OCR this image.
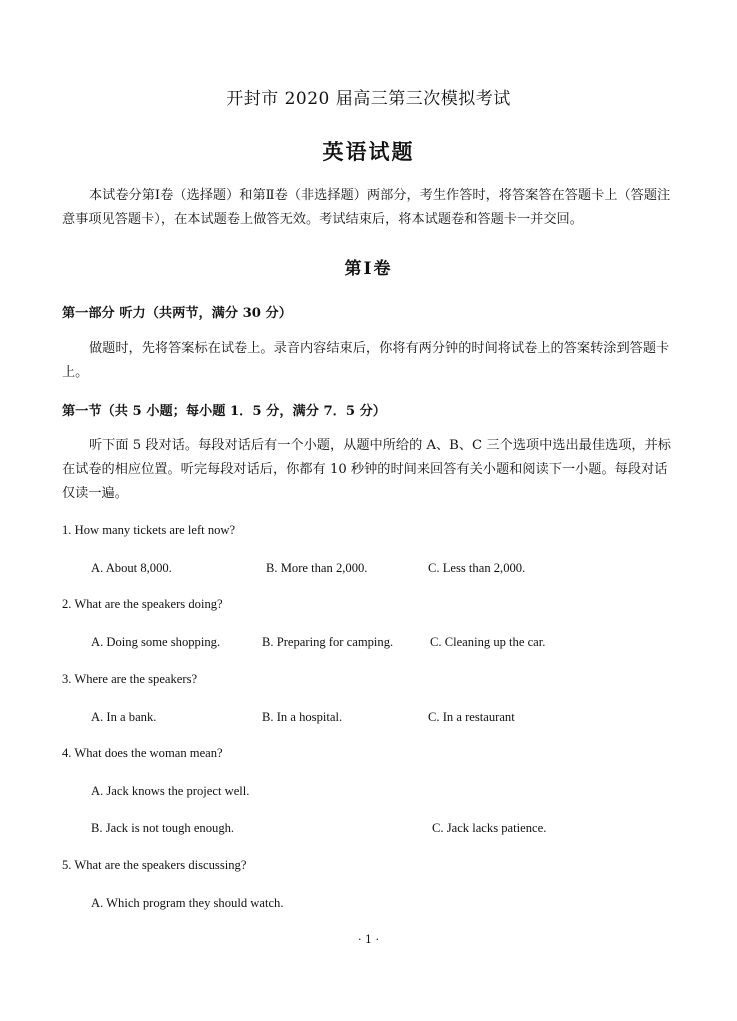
开封市 2020 届高三第三次模拟考试
英语试题
本试卷分第Ⅰ卷（选择题）和第Ⅱ卷（非选择题）两部分，考生作答时，将答案答在答题卡上（答题注意事项见答题卡），在本试题卷上做答无效。考试结束后，将本试题卷和答题卡一并交回。
第Ⅰ卷
第一部分 听力（共两节，满分 30 分）
做题时，先将答案标在试卷上。录音内容结束后，你将有两分钟的时间将试卷上的答案转涂到答题卡上。
第一节（共 5 小题；每小题 1．5 分，满分 7．5 分）
听下面 5 段对话。每段对话后有一个小题，从题中所给的 A、B、C 三个选项中选出最佳选项，并标在试卷的相应位置。听完每段对话后，你都有 10 秒钟的时间来回答有关小题和阅读下一小题。每段对话仅读一遍。
1. How many tickets are left now?
A. About 8,000.	B. More than 2,000.	C. Less than 2,000.
2. What are the speakers doing?
A. Doing some shopping.	B. Preparing for camping.	C. Cleaning up the car.
3. Where are the speakers?
A. In a bank.	B. In a hospital.	C. In a restaurant
4. What does the woman mean?
A. Jack knows the project well.
B. Jack is not tough enough.	C. Jack lacks patience.
5. What are the speakers discussing?
A. Which program they should watch.
· 1 ·
